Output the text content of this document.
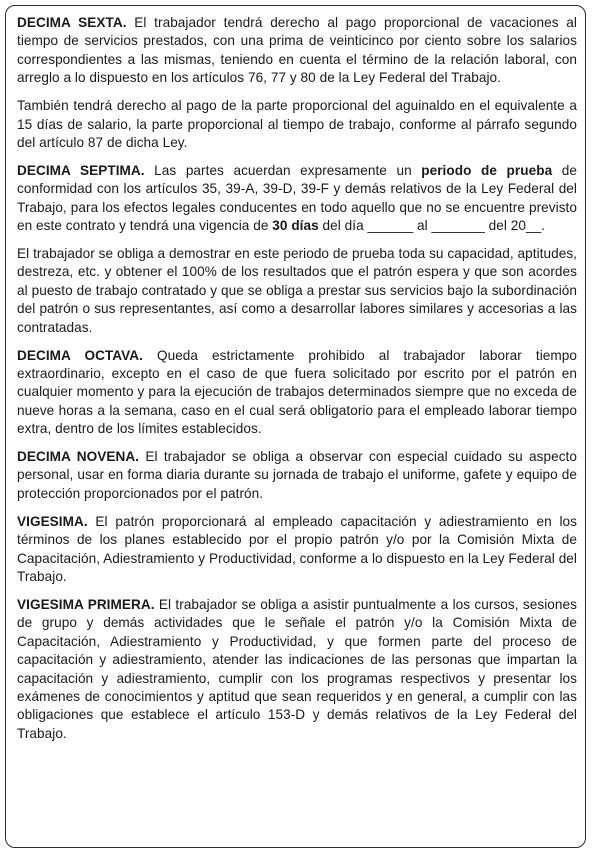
DECIMA SEXTA. El trabajador tendrá derecho al pago proporcional de vacaciones al tiempo de servicios prestados, con una prima de veinticinco por ciento sobre los salarios correspondientes a las mismas, teniendo en cuenta el término de la relación laboral, con arreglo a lo dispuesto en los artículos 76, 77 y 80 de la Ley Federal del Trabajo.

También tendrá derecho al pago de la parte proporcional del aguinaldo en el equivalente a 15 días de salario, la parte proporcional al tiempo de trabajo, conforme al párrafo segundo del artículo 87 de dicha Ley.

DECIMA SEPTIMA. Las partes acuerdan expresamente un periodo de prueba de conformidad con los artículos 35, 39-A, 39-D, 39-F y demás relativos de la Ley Federal del Trabajo, para los efectos legales conducentes en todo aquello que no se encuentre previsto en este contrato y tendrá una vigencia de 30 días del día ______ al _______ del 20__.

El trabajador se obliga a demostrar en este periodo de prueba toda su capacidad, aptitudes, destreza, etc. y obtener el 100% de los resultados que el patrón espera y que son acordes al puesto de trabajo contratado y que se obliga a prestar sus servicios bajo la subordinación del patrón o sus representantes, así como a desarrollar labores similares y accesorias a las contratadas.

DECIMA OCTAVA. Queda estrictamente prohibido al trabajador laborar tiempo extraordinario, excepto en el caso de que fuera solicitado por escrito por el patrón en cualquier momento y para la ejecución de trabajos determinados siempre que no exceda de nueve horas a la semana, caso en el cual será obligatorio para el empleado laborar tiempo extra, dentro de los límites establecidos.

DECIMA NOVENA. El trabajador se obliga a observar con especial cuidado su aspecto personal, usar en forma diaria durante su jornada de trabajo el uniforme, gafete y equipo de protección proporcionados por el patrón.

VIGESIMA. El patrón proporcionará al empleado capacitación y adiestramiento en los términos de los planes establecido por el propio patrón y/o por la Comisión Mixta de Capacitación, Adiestramiento y Productividad, conforme a lo dispuesto en la Ley Federal del Trabajo.

VIGESIMA PRIMERA. El trabajador se obliga a asistir puntualmente a los cursos, sesiones de grupo y demás actividades que le señale el patrón y/o la Comisión Mixta de Capacitación, Adiestramiento y Productividad, y que formen parte del proceso de capacitación y adiestramiento, atender las indicaciones de las personas que impartan la capacitación y adiestramiento, cumplir con los programas respectivos y presentar los exámenes de conocimientos y aptitud que sean requeridos y en general, a cumplir con las obligaciones que establece el artículo 153-D y demás relativos de la Ley Federal del Trabajo.
